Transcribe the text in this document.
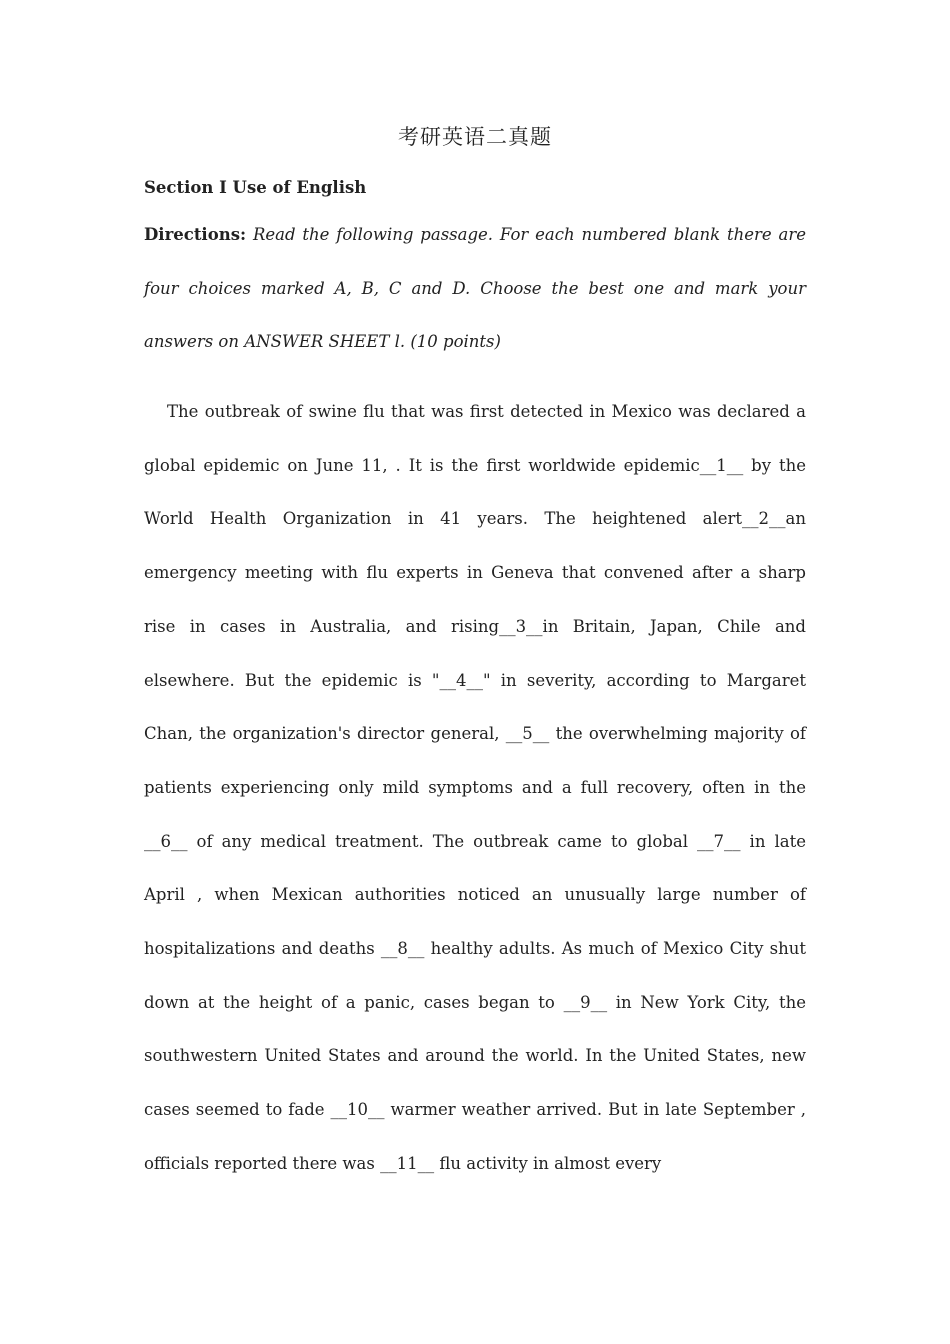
考研英语二真题
Section I Use of English
Directions: Read the following passage. For each numbered blank there are four choices marked A, B, C and D. Choose the best one and mark your answers on ANSWER SHEET l. (10 points)

The outbreak of swine flu that was first detected in Mexico was declared a global epidemic on June 11, . It is the first worldwide epidemic__1__ by the World Health Organization in 41 years. The heightened alert__2__an emergency meeting with flu experts in Geneva that convened after a sharp rise in cases in Australia, and rising__3__in Britain, Japan, Chile and elsewhere. But the epidemic is "__4__" in severity, according to Margaret Chan, the organization's director general, __5__ the overwhelming majority of patients experiencing only mild symptoms and a full recovery, often in the __6__ of any medical treatment. The outbreak came to global __7__ in late April , when Mexican authorities noticed an unusually large number of hospitalizations and deaths __8__ healthy adults. As much of Mexico City shut down at the height of a panic, cases began to __9__ in New York City, the southwestern United States and around the world. In the United States, new cases seemed to fade __10__ warmer weather arrived. But in late September , officials reported there was __11__ flu activity in almost every
